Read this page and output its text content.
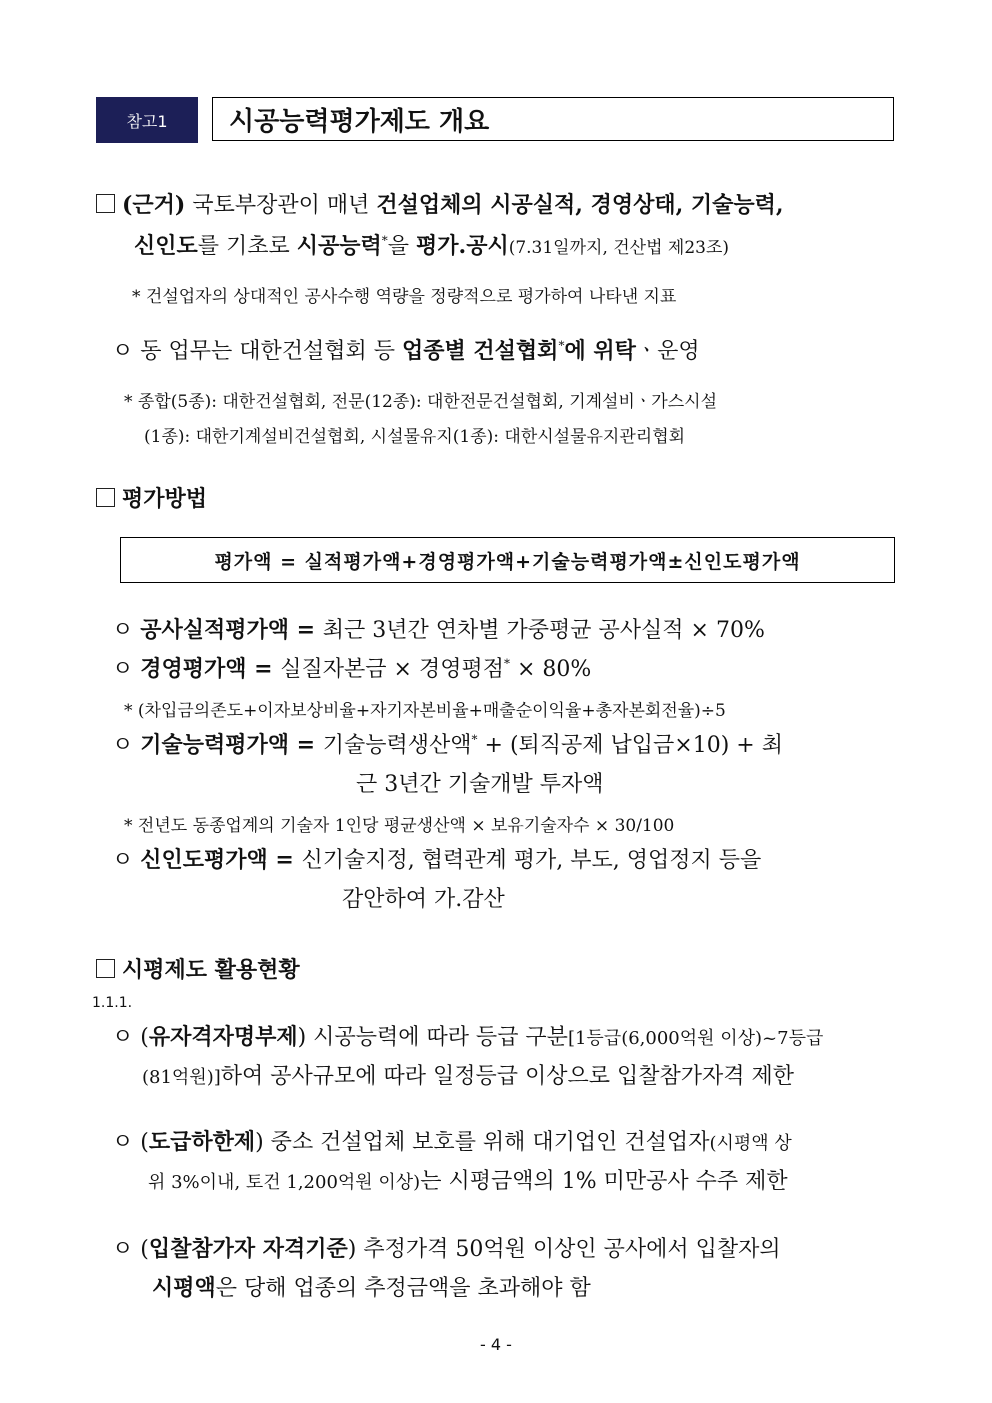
참고1	시공능력평가제도 개요
(근거) 국토부장관이 매년 건설업체의 시공실적, 경영상태, 기술능력,
신인도를 기초로 시공능력*을 평가.공시(7.31일까지, 건산법 제23조)
* 건설업자의 상대적인 공사수행 역량을 정량적으로 평가하여 나타낸 지표
ㅇ 동 업무는 대한건설협회 등 업종별 건설협회*에 위탁ㆍ운영
* 종합(5종): 대한건설협회, 전문(12종): 대한전문건설협회, 기계설비ㆍ가스시설
(1종): 대한기계설비건설협회, 시설물유지(1종): 대한시설물유지관리협회
평가방법
평가액 = 실적평가액+경영평가액+기술능력평가액±신인도평가액
ㅇ 공사실적평가액 = 최근 3년간 연차별 가중평균 공사실적 × 70%
ㅇ 경영평가액 = 실질자본금 × 경영평점* × 80%
* (차입금의존도+이자보상비율+자기자본비율+매출순이익율+총자본회전율)÷5
ㅇ 기술능력평가액 = 기술능력생산액* + (퇴직공제 납입금×10) + 최
근 3년간 기술개발 투자액
* 전년도 동종업계의 기술자 1인당 평균생산액 × 보유기술자수 × 30/100
ㅇ 신인도평가액 = 신기술지정, 협력관계 평가, 부도, 영업정지 등을
감안하여 가.감산
시평제도 활용현황
1.1.1.
ㅇ (유자격자명부제) 시공능력에 따라 등급 구분[1등급(6,000억원 이상)~7등급
(81억원)]하여 공사규모에 따라 일정등급 이상으로 입찰참가자격 제한
ㅇ (도급하한제) 중소 건설업체 보호를 위해 대기업인 건설업자(시평액 상
위 3%이내, 토건 1,200억원 이상)는 시평금액의 1% 미만공사 수주 제한
ㅇ (입찰참가자 자격기준) 추정가격 50억원 이상인 공사에서 입찰자의
시평액은 당해 업종의 추정금액을 초과해야 함
- 4 -
